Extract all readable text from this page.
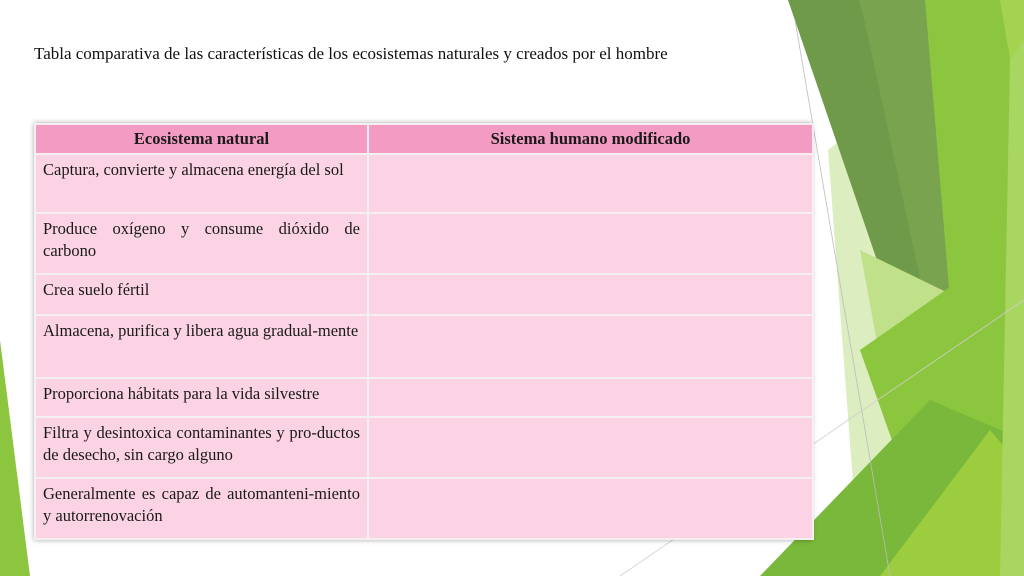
Tabla comparativa de las características de los ecosistemas naturales y creados por el hombre
Ecosistema natural	Sistema humano modificado
Captura, convierte y almacena energía del sol	
Produce oxígeno y consume dióxido de carbono	
Crea suelo fértil	
Almacena, purifica y libera agua gradual-mente	
Proporciona hábitats para la vida silvestre	
Filtra y desintoxica contaminantes y pro-ductos de desecho, sin cargo alguno	
Generalmente es capaz de automanteni-miento y autorrenovación	
